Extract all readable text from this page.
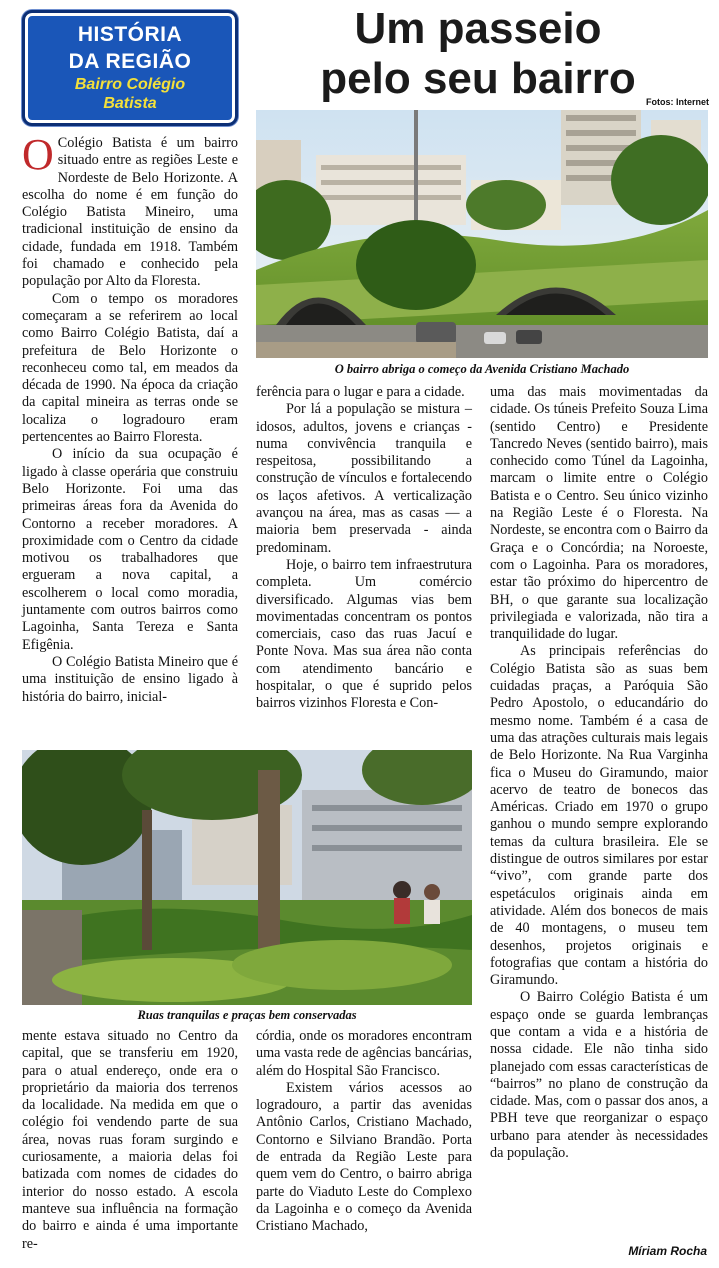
HISTÓRIA
DA REGIÃO
Bairro Colégio
Batista
Um passeio
pelo seu bairro	Fotos: Internet
O bairro abriga o começo da Avenida Cristiano Machado

O Colégio Batista é um bairro situado entre as regiões Leste e Nordeste de Belo Horizonte. A escolha do nome é em função do Colégio Batista Mineiro, uma tradicional instituição de ensino da cidade, fundada em 1918. Também foi chamado e conhecido pela população por Alto da Floresta.

Com o tempo os moradores começaram a se referirem ao local como Bairro Colégio Batista, daí a prefeitura de Belo Horizonte o reconheceu como tal, em meados da década de 1990. Na época da criação da capital mineira as terras onde se localiza o logradouro eram pertencentes ao Bairro Floresta.

O início da sua ocupação é ligado à classe operária que construiu Belo Horizonte. Foi uma das primeiras áreas fora da Avenida do Contorno a receber moradores. A proximidade com o Centro da cidade motivou os trabalhadores que ergueram a nova capital, a escolherem o local como moradia, juntamente com outros bairros como Lagoinha, Santa Tereza e Santa Efigênia.

O Colégio Batista Mineiro que é uma instituição de ensino ligado à história do bairro, inicial-

ferência para o lugar e para a cidade.

Por lá a população se mistura – idosos, adultos, jovens e crianças - numa convivência tranquila e respeitosa, possibilitando a construção de vínculos e fortalecendo os laços afetivos. A verticalização avançou na área, mas as casas — a maioria bem preservada - ainda predominam.

Hoje, o bairro tem infraestrutura completa. Um comércio diversificado. Algumas vias bem movimentadas concentram os pontos comerciais, caso das ruas Jacuí e Ponte Nova. Mas sua área não conta com atendimento bancário e hospitalar, o que é suprido pelos bairros vizinhos Floresta e Con-

uma das mais movimentadas da cidade. Os túneis Prefeito Souza Lima (sentido Centro) e Presidente Tancredo Neves (sentido bairro), mais conhecido como Túnel da Lagoinha, marcam o limite entre o Colégio Batista e o Centro. Seu único vizinho na Região Leste é o Floresta. Na Nordeste, se encontra com o Bairro da Graça e o Concórdia; na Noroeste, com o Lagoinha. Para os moradores, estar tão próximo do hipercentro de BH, o que garante sua localização privilegiada e valorizada, não tira a tranquilidade do lugar.

As principais referências do Colégio Batista são as suas bem cuidadas praças, a Paróquia São Pedro Apostolo, o educandário do mesmo nome. Também é a casa de uma das atrações culturais mais legais de Belo Horizonte. Na Rua Varginha fica o Museu do Giramundo, maior acervo de teatro de bonecos das Américas. Criado em 1970 o grupo ganhou o mundo sempre explorando temas da cultura brasileira. Ele se distingue de outros similares por estar “vivo”, com grande parte dos espetáculos originais ainda em atividade. Além dos bonecos de mais de 40 montagens, o museu tem desenhos, projetos originais e fotografias que contam a história do Giramundo.

O Bairro Colégio Batista é um espaço onde se guarda lembranças que contam a vida e a história de nossa cidade. Ele não tinha sido planejado com essas características de “bairros” no plano de construção da cidade. Mas, com o passar dos anos, a PBH teve que reorganizar o espaço urbano para atender às necessidades da população.

Ruas tranquilas e praças bem conservadas

mente estava situado no Centro da capital, que se transferiu em 1920, para o atual endereço, onde era o proprietário da maioria dos terrenos da localidade. Na medida em que o colégio foi vendendo parte de sua área, novas ruas foram surgindo e curiosamente, a maioria delas foi batizada com nomes de cidades do interior do nosso estado. A escola manteve sua influência na formação do bairro e ainda é uma importante re-

córdia, onde os moradores encontram uma vasta rede de agências bancárias, além do Hospital São Francisco.

Existem vários acessos ao logradouro, a partir das avenidas Antônio Carlos, Cristiano Machado, Contorno e Silviano Brandão. Porta de entrada da Região Leste para quem vem do Centro, o bairro abriga parte do Viaduto Leste do Complexo da Lagoinha e o começo da Avenida Cristiano Machado,

Míriam Rocha
